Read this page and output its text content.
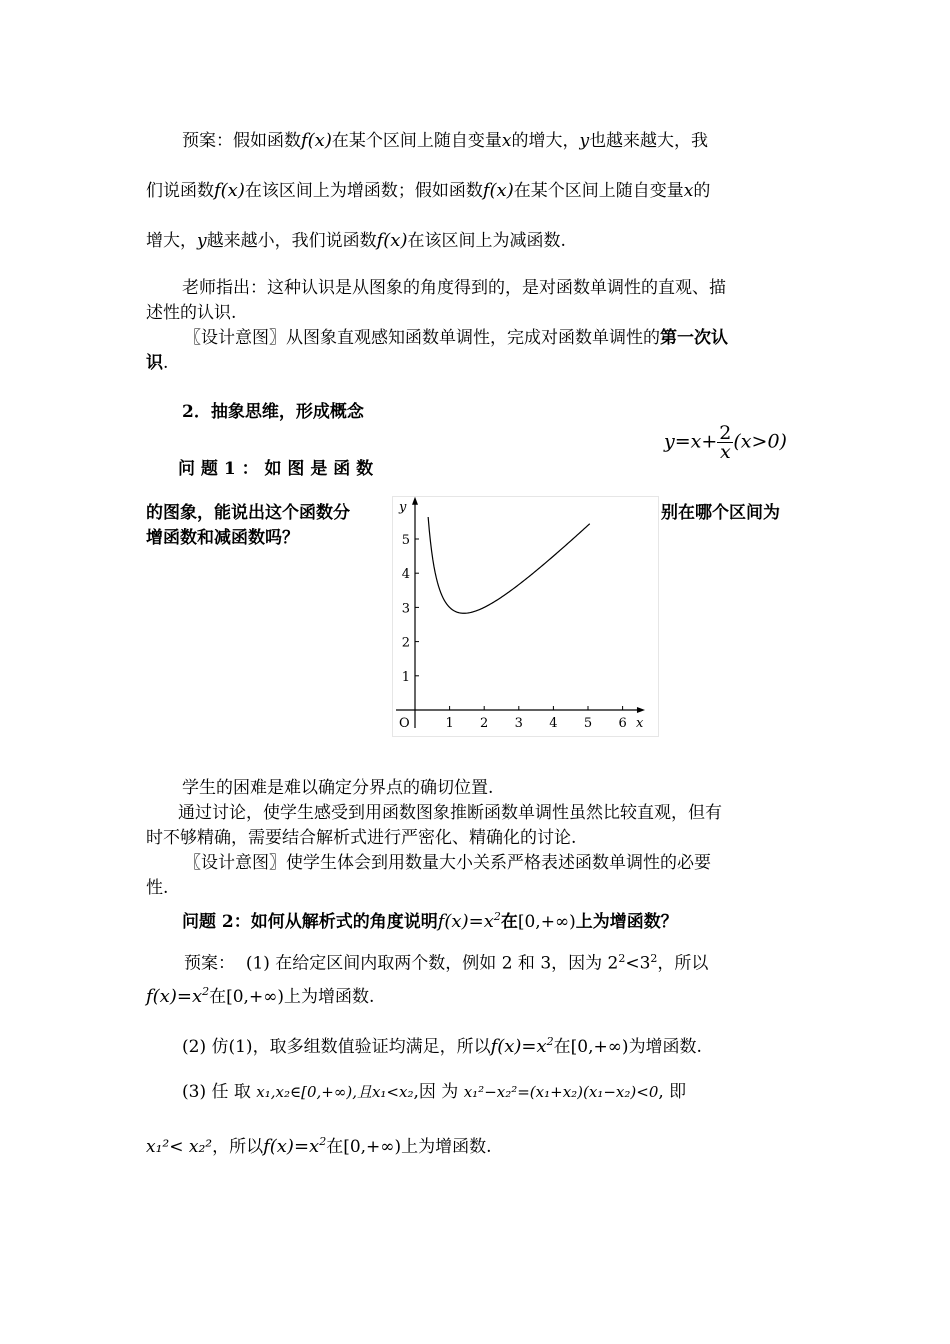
预案：假如函数f(x)在某个区间上随自变量x的增大，y也越来越大，我
们说函数f(x)在该区间上为增函数；假如函数f(x)在某个区间上随自变量x的
增大，y越来越小，我们说函数f(x)在该区间上为减函数.
老师指出：这种认识是从图象的角度得到的，是对函数单调性的直观、描
述性的认识.
〖设计意图〗从图象直观感知函数单调性，完成对函数单调性的第一次认
识.
2．抽象思维，形成概念
$y=x+ \frac{2}{x} (x>0)$
问 题 1 ： 如 图 是 函 数
的图象，能说出这个函数分	别在哪个区间为
增函数和减函数吗？
1 2 3 4 5 6
1
2
3
4
5
x
y
O
学生的困难是难以确定分界点的确切位置.
通过讨论，使学生感受到用函数图象推断函数单调性虽然比较直观，但有
时不够精确，需要结合解析式进行严密化、精确化的讨论.
〖设计意图〗使学生体会到用数量大小关系严格表述函数单调性的必要
性.
问题 2：如何从解析式的角度说明$f(x)=x^2$在[0,+∞)上为增函数？
预案： (1) 在给定区间内取两个数，例如 2 和 3，因为 $2^2<3^2$，所以
$f(x)=x^2$在[0,+∞)上为增函数.
(2) 仿(1)，取多组数值验证均满足，所以$f(x)=x^2$在[0,+∞)为增函数.
(3) 任 取 x₁,x₂∈[0,+∞),且x₁<x₂,因 为 x₁²−x₂²=(x₁+x₂)(x₁−x₂)<0, 即
x₁²< x₂²，所以$f(x)=x^2$在[0,+∞)上为增函数.
